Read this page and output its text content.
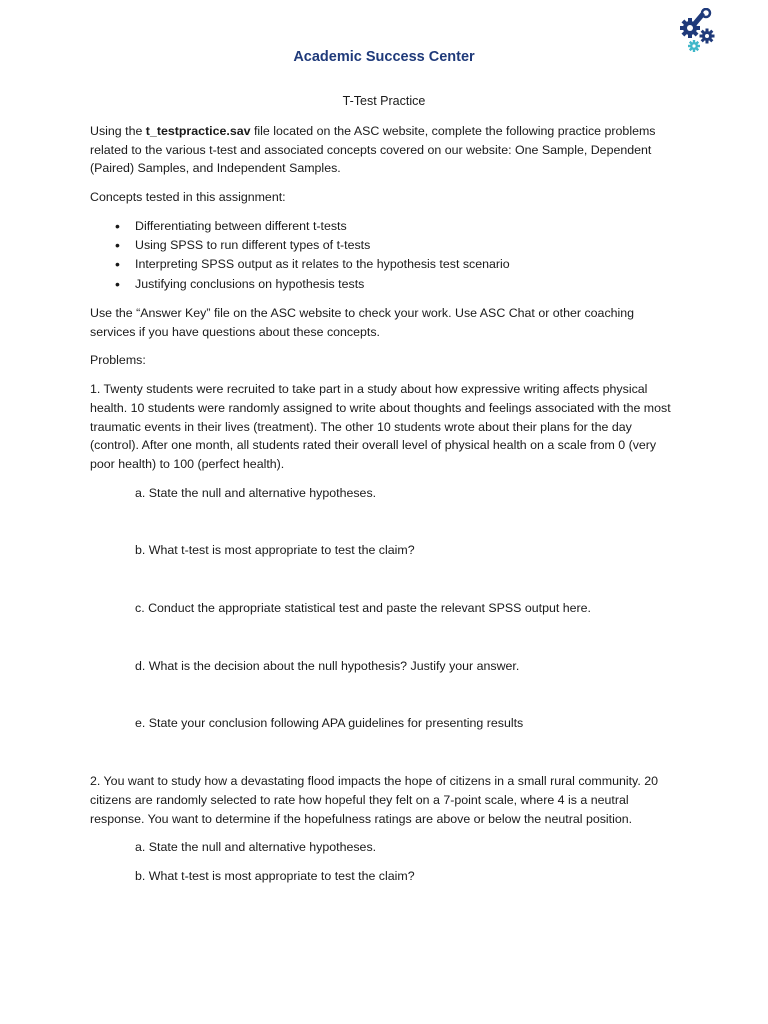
Academic Success Center
T-Test Practice

Using the t_testpractice.sav file located on the ASC website, complete the following practice problems related to the various t-test and associated concepts covered on our website: One Sample, Dependent (Paired) Samples, and Independent Samples.

Concepts tested in this assignment:

• Differentiating between different t-tests
• Using SPSS to run different types of t-tests
• Interpreting SPSS output as it relates to the hypothesis test scenario
• Justifying conclusions on hypothesis tests

Use the “Answer Key” file on the ASC website to check your work. Use ASC Chat or other coaching services if you have questions about these concepts.

Problems:

1. Twenty students were recruited to take part in a study about how expressive writing affects physical health. 10 students were randomly assigned to write about thoughts and feelings associated with the most traumatic events in their lives (treatment). The other 10 students wrote about their plans for the day (control). After one month, all students rated their overall level of physical health on a scale from 0 (very poor health) to 100 (perfect health).

a. State the null and alternative hypotheses.

b. What t-test is most appropriate to test the claim?

c. Conduct the appropriate statistical test and paste the relevant SPSS output here.

d. What is the decision about the null hypothesis? Justify your answer.

e. State your conclusion following APA guidelines for presenting results

2. You want to study how a devastating flood impacts the hope of citizens in a small rural community. 20 citizens are randomly selected to rate how hopeful they felt on a 7-point scale, where 4 is a neutral response. You want to determine if the hopefulness ratings are above or below the neutral position.

a. State the null and alternative hypotheses.

b. What t-test is most appropriate to test the claim?
